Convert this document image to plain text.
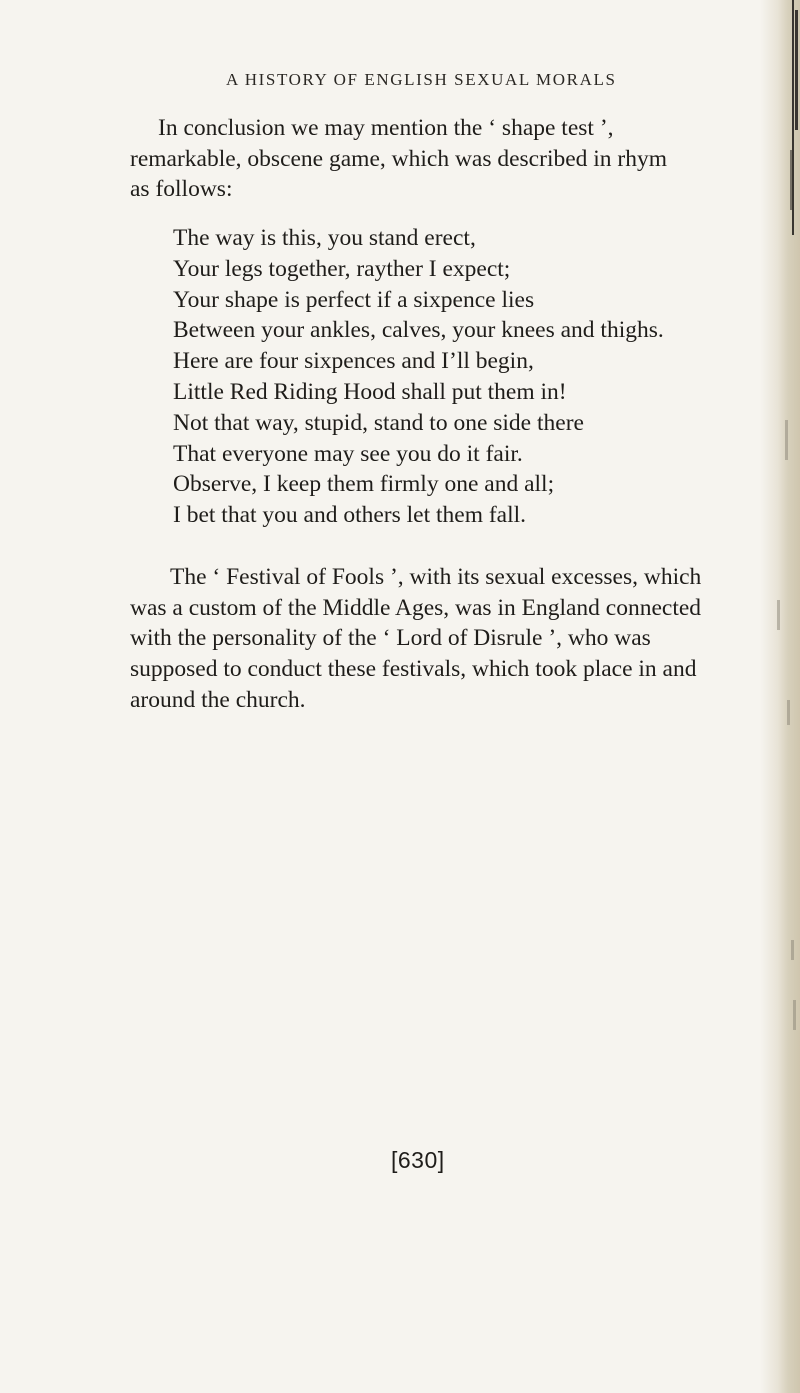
A HISTORY OF ENGLISH SEXUAL MORALS

In conclusion we may mention the ‘ shape test ’,
remarkable, obscene game, which was described in rhym
as follows:

The way is this, you stand erect,
Your legs together, rayther I expect;
Your shape is perfect if a sixpence lies
Between your ankles, calves, your knees and thighs.
Here are four sixpences and I’ll begin,
Little Red Riding Hood shall put them in!
Not that way, stupid, stand to one side there
That everyone may see you do it fair.
Observe, I keep them firmly one and all;
I bet that you and others let them fall.

The ‘ Festival of Fools ’, with its sexual excesses, which
was a custom of the Middle Ages, was in England connected
with the personality of the ‘ Lord of Disrule ’, who was
supposed to conduct these festivals, which took place in and
around the church.

[630]
